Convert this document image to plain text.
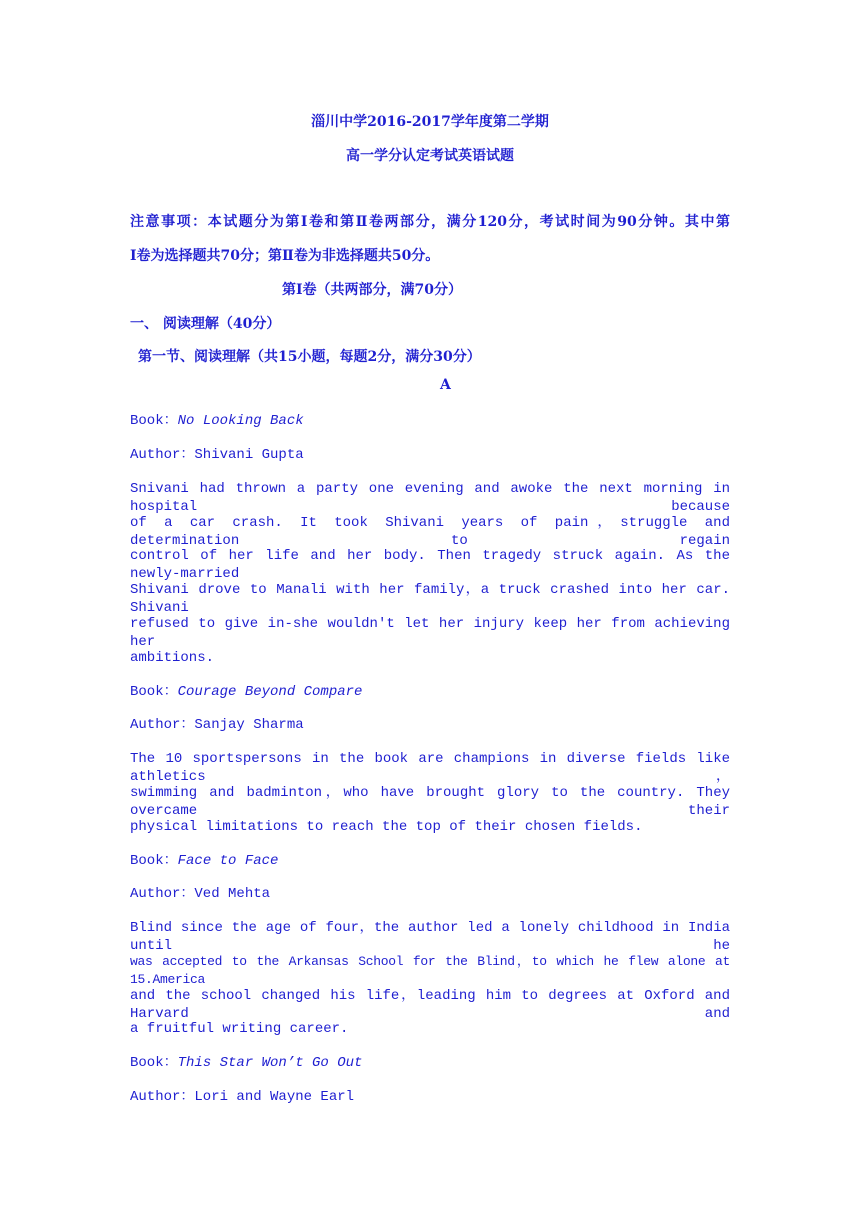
淄川中学2016-2017学年度第二学期
高一学分认定考试英语试题
注意事项：本试题分为第Ⅰ卷和第Ⅱ卷两部分，满分120分，考试时间为90分钟。其中第
Ⅰ卷为选择题共70分；第Ⅱ卷为非选择题共50分。
第Ⅰ卷（共两部分，满70分）
一、 阅读理解（40分）
第一节、阅读理解（共15小题，每题2分，满分30分）
A
Book：No Looking Back
Author：Shivani Gupta
Snivani had thrown a party one evening and awoke the next morning in hospital because
of a car crash. It took Shivani years of pain，struggle and determination to regain
control of her life and her body. Then tragedy struck again. As the newly-married
Shivani drove to Manali with her family，a truck crashed into her car. Shivani
refused to give in-she wouldn't let her injury keep her from achieving her
ambitions.
Book：Courage Beyond Compare
Author：Sanjay Sharma
The 10 sportspersons in the book are champions in diverse fields like athletics，
swimming and badminton，who have brought glory to the country. They overcame their
physical limitations to reach the top of their chosen fields.
Book：Face to Face
Author：Ved Mehta
Blind since the age of four，the author led a lonely childhood in India until he
was accepted to the Arkansas School for the Blind，to which he flew alone at 15.America
and the school changed his life，leading him to degrees at Oxford and Harvard and
a fruitful writing career.
Book：This Star Won’t Go Out
Author：Lori and Wayne Earl
